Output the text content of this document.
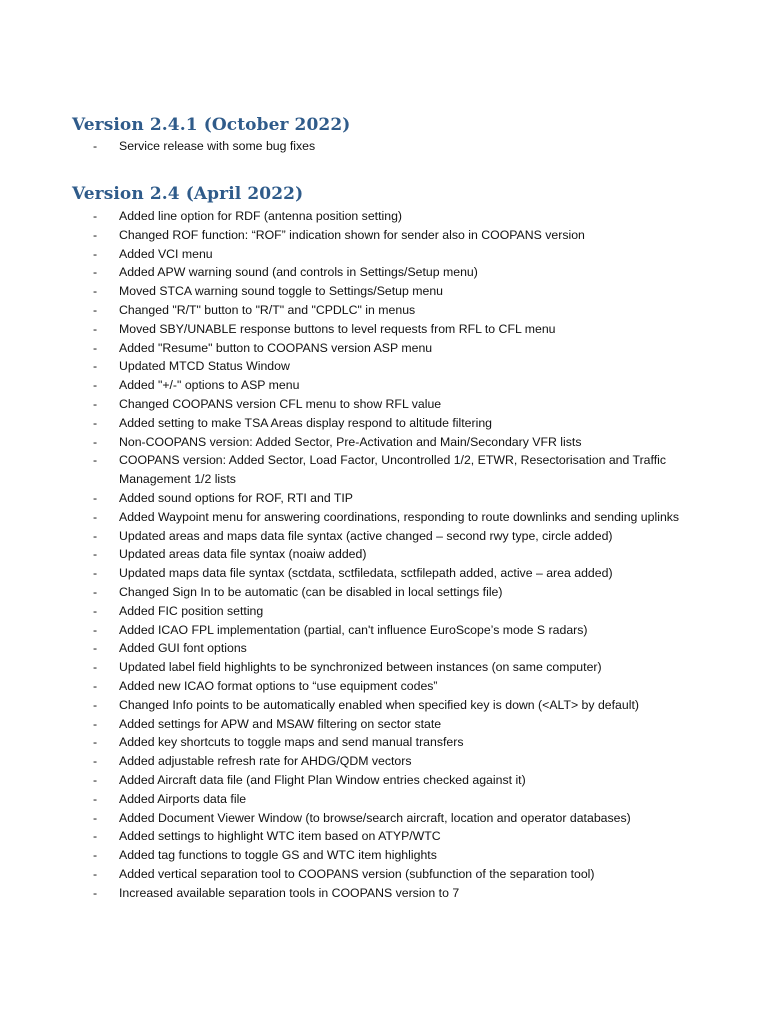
Version 2.4.1 (October 2022)
- Service release with some bug fixes
Version 2.4 (April 2022)
- Added line option for RDF (antenna position setting)
- Changed ROF function: “ROF” indication shown for sender also in COOPANS version
- Added VCI menu
- Added APW warning sound (and controls in Settings/Setup menu)
- Moved STCA warning sound toggle to Settings/Setup menu
- Changed "R/T" button to "R/T" and "CPDLC" in menus
- Moved SBY/UNABLE response buttons to level requests from RFL to CFL menu
- Added "Resume" button to COOPANS version ASP menu
- Updated MTCD Status Window
- Added "+/-" options to ASP menu
- Changed COOPANS version CFL menu to show RFL value
- Added setting to make TSA Areas display respond to altitude filtering
- Non-COOPANS version: Added Sector, Pre-Activation and Main/Secondary VFR lists
- COOPANS version: Added Sector, Load Factor, Uncontrolled 1/2, ETWR, Resectorisation and Traffic Management 1/2 lists
- Added sound options for ROF, RTI and TIP
- Added Waypoint menu for answering coordinations, responding to route downlinks and sending uplinks
- Updated areas and maps data file syntax (active changed – second rwy type, circle added)
- Updated areas data file syntax (noaiw added)
- Updated maps data file syntax (sctdata, sctfiledata, sctfilepath added, active – area added)
- Changed Sign In to be automatic (can be disabled in local settings file)
- Added FIC position setting
- Added ICAO FPL implementation (partial, can't influence EuroScope’s mode S radars)
- Added GUI font options
- Updated label field highlights to be synchronized between instances (on same computer)
- Added new ICAO format options to “use equipment codes”
- Changed Info points to be automatically enabled when specified key is down (<ALT> by default)
- Added settings for APW and MSAW filtering on sector state
- Added key shortcuts to toggle maps and send manual transfers
- Added adjustable refresh rate for AHDG/QDM vectors
- Added Aircraft data file (and Flight Plan Window entries checked against it)
- Added Airports data file
- Added Document Viewer Window (to browse/search aircraft, location and operator databases)
- Added settings to highlight WTC item based on ATYP/WTC
- Added tag functions to toggle GS and WTC item highlights
- Added vertical separation tool to COOPANS version (subfunction of the separation tool)
- Increased available separation tools in COOPANS version to 7
